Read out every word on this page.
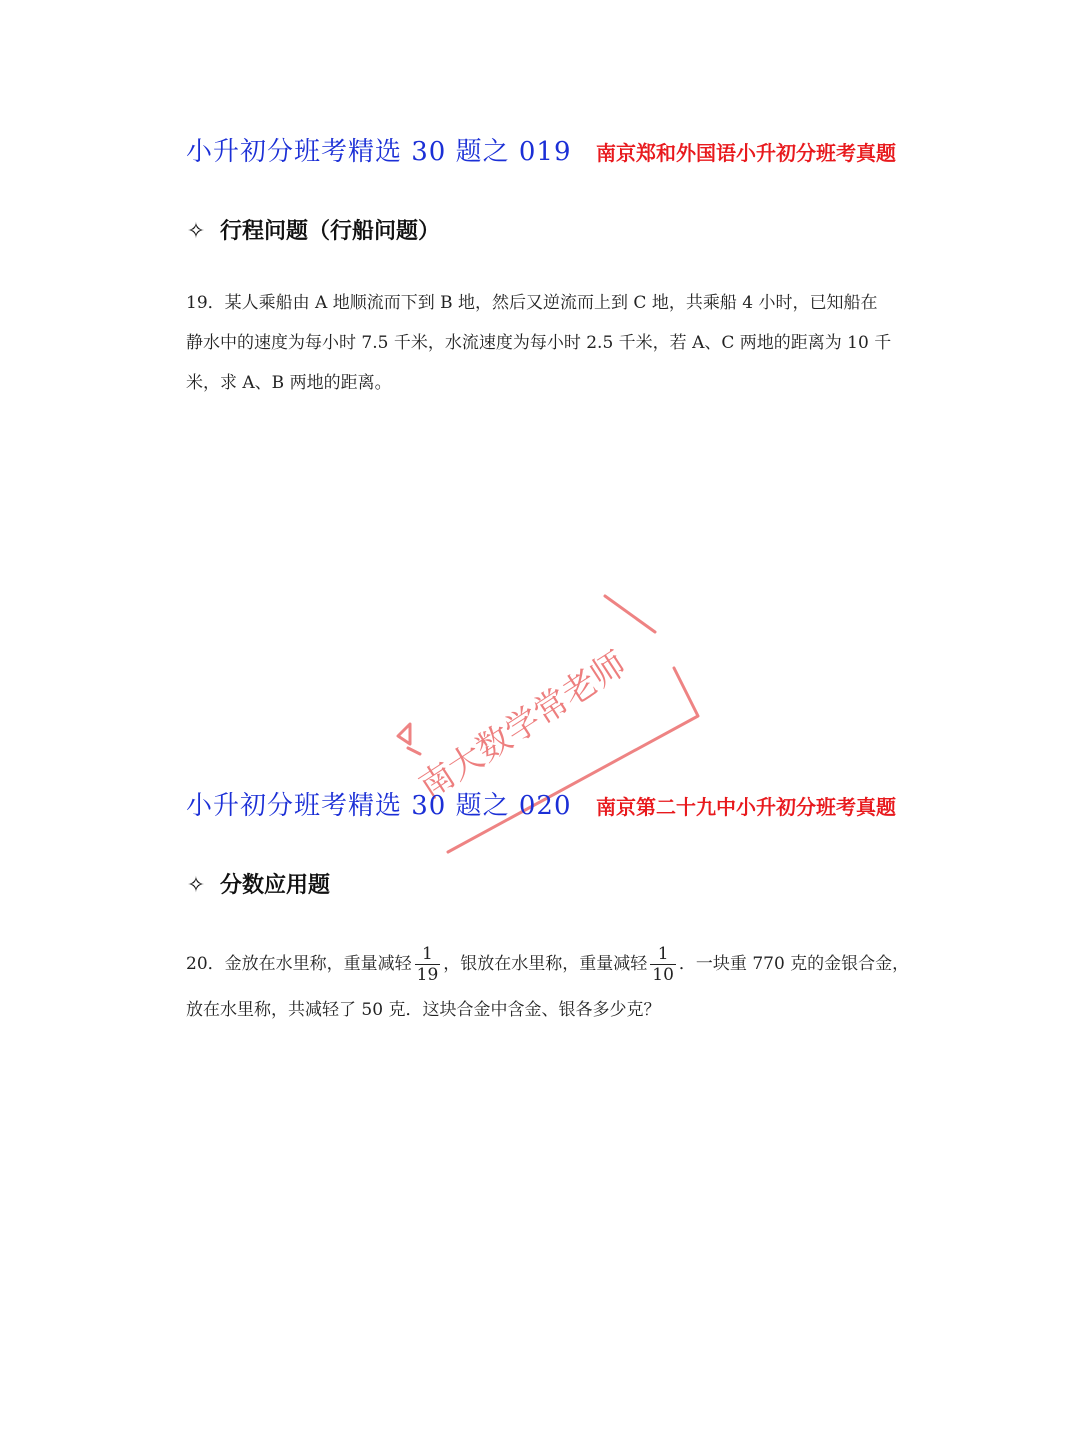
小升初分班考精选 30 题之 019 南京郑和外国语小升初分班考真题
✧ 行程问题（行船问题）
19．某人乘船由 A 地顺流而下到 B 地，然后又逆流而上到 C 地，共乘船 4 小时，已知船在
静水中的速度为每小时 7.5 千米，水流速度为每小时 2.5 千米，若 A、C 两地的距离为 10 千
米，求 A、B 两地的距离。
南大数学常老师
小升初分班考精选 30 题之 020 南京第二十九中小升初分班考真题
✧ 分数应用题
20．金放在水里称，重量减轻 $\frac{1}{19}$ ，银放在水里称，重量减轻 $\frac{1}{10}$ ．一块重 770 克的金银合金，
放在水里称，共减轻了 50 克．这块合金中含金、银各多少克？
